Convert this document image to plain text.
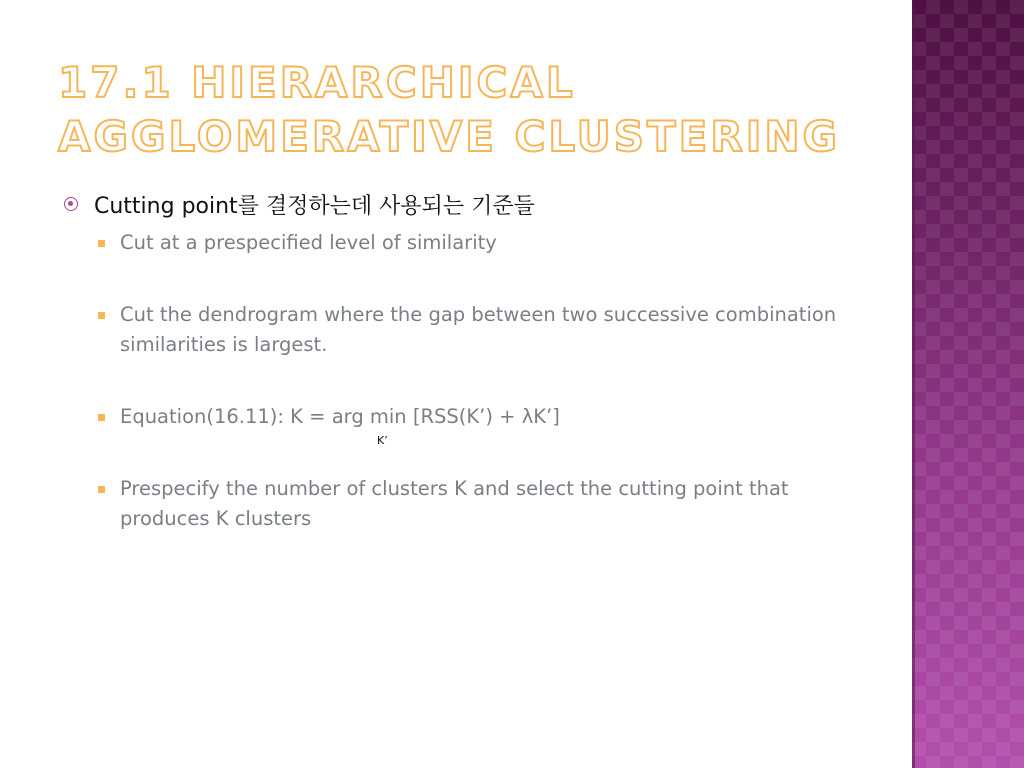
17.1 HIERARCHICAL
AGGLOMERATIVE CLUSTERING
Cutting point를 결정하는데 사용되는 기준들
Cut at a prespecified level of similarity
Cut the dendrogram where the gap between two successive combination similarities is largest.
Equation(16.11): K = arg min [RSS(K’) + λK’]
K’
Prespecify the number of clusters K and select the cutting point that produces K clusters
